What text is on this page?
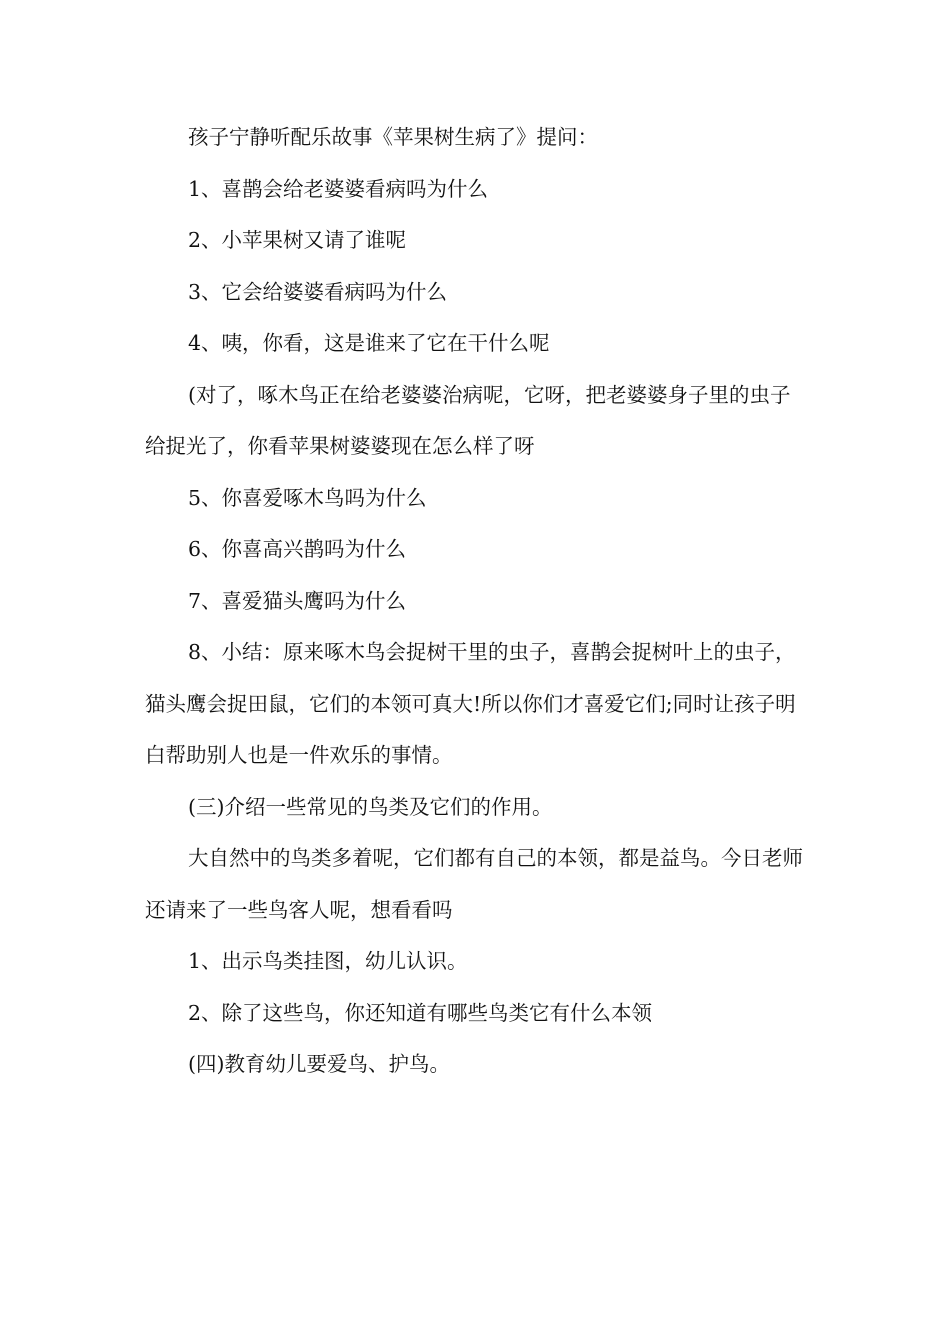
孩子宁静听配乐故事《苹果树生病了》提问：

1、喜鹊会给老婆婆看病吗为什么

2、小苹果树又请了谁呢

3、它会给婆婆看病吗为什么

4、咦，你看，这是谁来了它在干什么呢

(对了，啄木鸟正在给老婆婆治病呢，它呀，把老婆婆身子里的虫子给捉光了，你看苹果树婆婆现在怎么样了呀

5、你喜爱啄木鸟吗为什么

6、你喜高兴鹊吗为什么

7、喜爱猫头鹰吗为什么

8、小结：原来啄木鸟会捉树干里的虫子，喜鹊会捉树叶上的虫子，猫头鹰会捉田鼠，它们的本领可真大!所以你们才喜爱它们;同时让孩子明白帮助别人也是一件欢乐的事情。

(三)介绍一些常见的鸟类及它们的作用。

大自然中的鸟类多着呢，它们都有自己的本领，都是益鸟。今日老师还请来了一些鸟客人呢，想看看吗

1、出示鸟类挂图，幼儿认识。

2、除了这些鸟，你还知道有哪些鸟类它有什么本领

(四)教育幼儿要爱鸟、护鸟。
